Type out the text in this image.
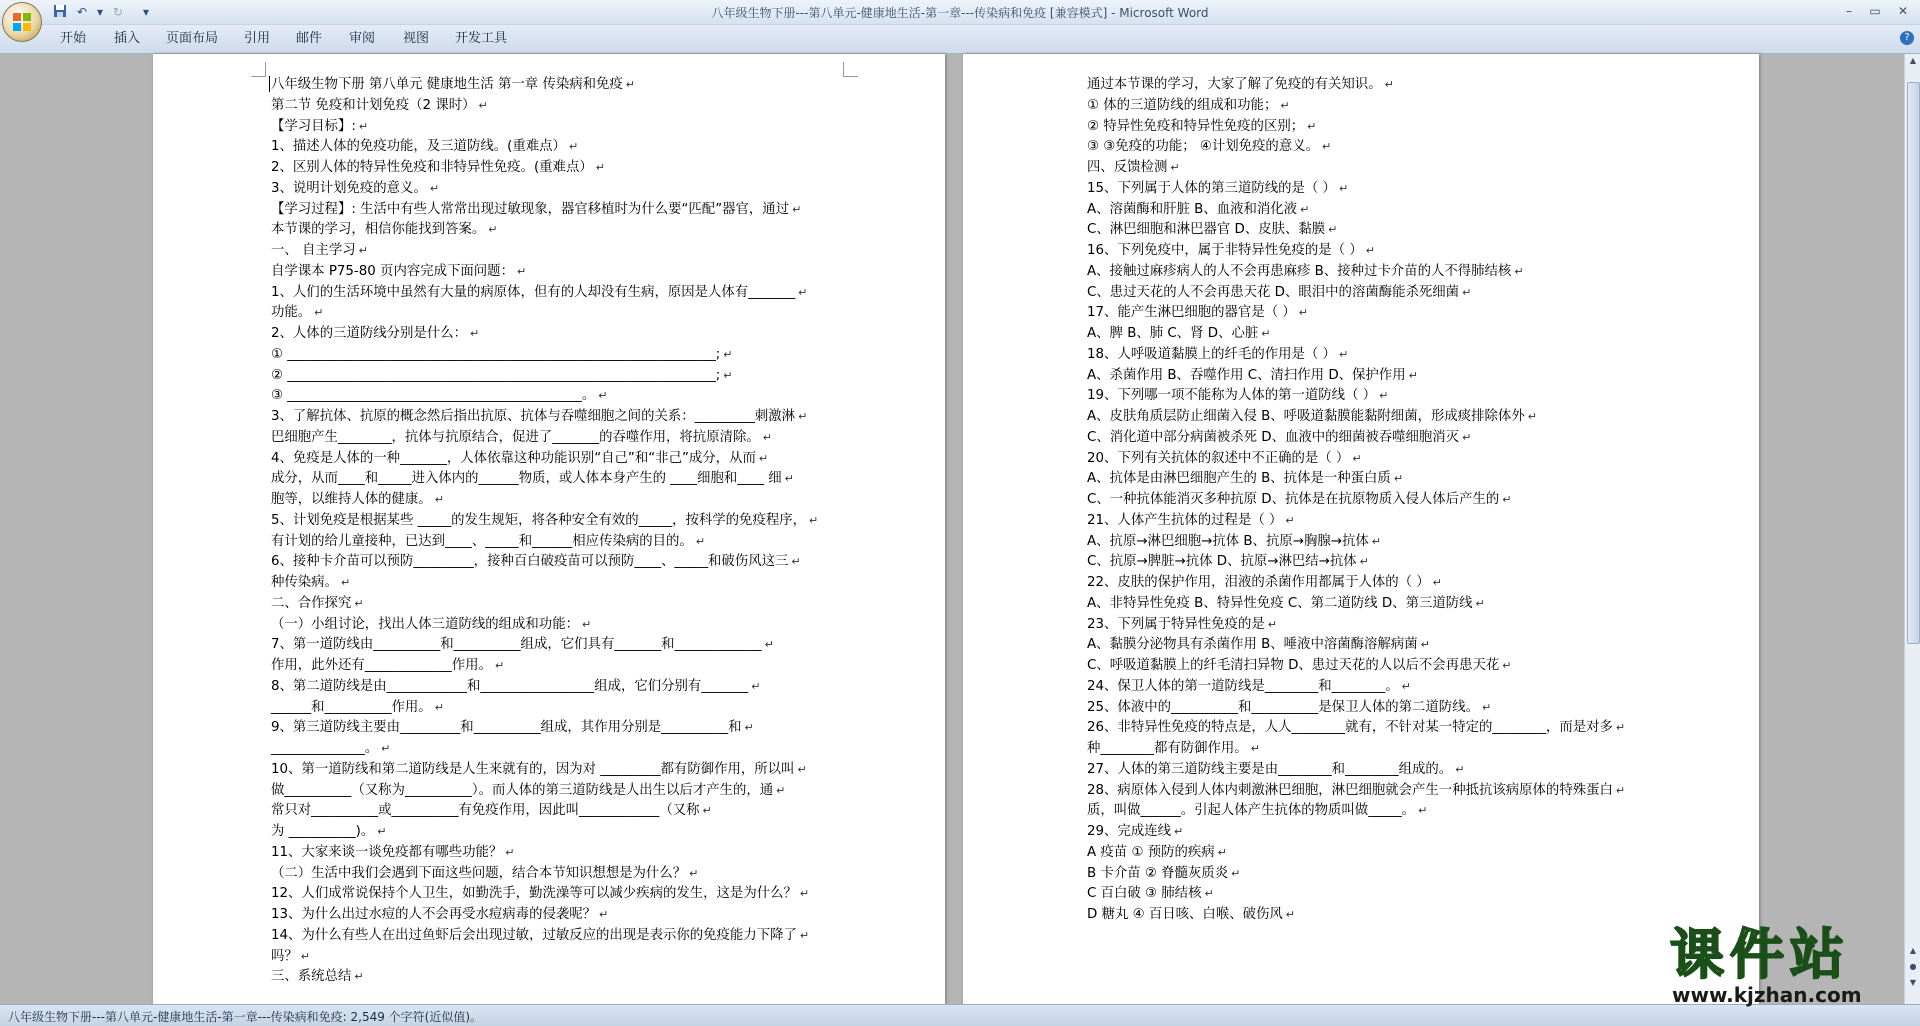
八年级生物下册---第八单元-健康地生活-第一章---传染病和免疫 [兼容模式] - Microsoft Word
↶ ▾ ↻	▾	–	▭	✕
开始 插入 页面布局 引用 邮件 审阅 视图 开发工具	?
八年级生物下册 第八单元 健康地生活 第一章 传染病和免疫 ↵
第二节 免疫和计划免疫（2 课时） ↵
【学习目标】: ↵
1、描述人体的免疫功能，及三道防线。(重难点） ↵
2、区别人体的特异性免疫和非特异性免疫。(重难点） ↵
3、说明计划免疫的意义。 ↵
【学习过程】: 生活中有些人常常出现过敏现象，器官移植时为什么要“匹配”器官，通过 ↵
本节课的学习，相信你能找到答案。 ↵
一、 自主学习 ↵
自学课本 P75-80 页内容完成下面问题： ↵
1、人们的生活环境中虽然有大量的病原体，但有的人却没有生病，原因是人体有_______ ↵
功能。 ↵
2、人体的三道防线分别是什么： ↵
① ________________________________________________________________; ↵
② ________________________________________________________________; ↵
③ ____________________________________________。 ↵
3、了解抗体、抗原的概念然后指出抗原、抗体与吞噬细胞之间的关系：_________刺激淋 ↵
巴细胞产生________，抗体与抗原结合，促进了_______的吞噬作用，将抗原清除。 ↵
4、免疫是人体的一种_______，人体依靠这种功能识别“自己”和“非己”成分，从而 ↵
成分，从而____和_____进入体内的______物质，或人体本身产生的 ____细胞和____ 细 ↵
胞等，以维持人体的健康。 ↵
5、计划免疫是根据某些 _____的发生规矩，将各种安全有效的_____，按科学的免疫程序， ↵
有计划的给儿童接种，已达到____、_____和______相应传染病的目的。 ↵
6、接种卡介苗可以预防_________，接种百白破疫苗可以预防____、_____和破伤风这三 ↵
种传染病。 ↵
二、合作探究 ↵
（一）小组讨论，找出人体三道防线的组成和功能： ↵
7、第一道防线由__________和__________组成，它们具有_______和_____________ ↵
作用，此外还有_____________作用。 ↵
8、第二道防线是由____________和_________________组成，它们分别有_______ ↵
______和__________作用。 ↵
9、第三道防线主要由_________和__________组成，其作用分别是__________和 ↵
______________。 ↵
10、第一道防线和第二道防线是人生来就有的，因为对 _________都有防御作用，所以叫 ↵
做__________（又称为__________）。而人体的第三道防线是人出生以后才产生的，通 ↵
常只对__________或__________有免疫作用，因此叫____________（又称 ↵
为 __________)。 ↵
11、大家来谈一谈免疫都有哪些功能？ ↵
（二）生活中我们会遇到下面这些问题，结合本节知识想想是为什么？ ↵
12、人们成常说保持个人卫生，如勤洗手，勤洗澡等可以减少疾病的发生，这是为什么？ ↵
13、为什么出过水痘的人不会再受水痘病毒的侵袭呢？ ↵
14、为什么有些人在出过鱼虾后会出现过敏，过敏反应的出现是表示你的免疫能力下降了 ↵
吗？ ↵
三、系统总结 ↵
通过本节课的学习，大家了解了免疫的有关知识。 ↵
① 体的三道防线的组成和功能； ↵
② 特异性免疫和特异性免疫的区别； ↵
③ ③免疫的功能； ④计划免疫的意义。 ↵
四、反馈检测 ↵
15、下列属于人体的第三道防线的是（ ） ↵
A、溶菌酶和肝脏 B、血液和消化液 ↵
C、淋巴细胞和淋巴器官 D、皮肤、黏膜 ↵
16、下列免疫中，属于非特异性免疫的是（ ） ↵
A、接触过麻疹病人的人不会再患麻疹 B、接种过卡介苗的人不得肺结核 ↵
C、患过天花的人不会再患天花 D、眼泪中的溶菌酶能杀死细菌 ↵
17、能产生淋巴细胞的器官是（ ） ↵
A、脾 B、肺 C、肾 D、心脏 ↵
18、人呼吸道黏膜上的纤毛的作用是（ ） ↵
A、杀菌作用 B、吞噬作用 C、清扫作用 D、保护作用 ↵
19、下列哪一项不能称为人体的第一道防线（ ） ↵
A、皮肤角质层防止细菌入侵 B、呼吸道黏膜能黏附细菌，形成痰排除体外 ↵
C、消化道中部分病菌被杀死 D、血液中的细菌被吞噬细胞消灭 ↵
20、下列有关抗体的叙述中不正确的是（ ） ↵
A、抗体是由淋巴细胞产生的 B、抗体是一种蛋白质 ↵
C、一种抗体能消灭多种抗原 D、抗体是在抗原物质入侵人体后产生的 ↵
21、人体产生抗体的过程是（ ） ↵
A、抗原→淋巴细胞→抗体 B、抗原→胸腺→抗体 ↵
C、抗原→脾脏→抗体 D、抗原→淋巴结→抗体 ↵
22、皮肤的保护作用，泪液的杀菌作用都属于人体的（ ） ↵
A、非特异性免疫 B、特异性免疫 C、第二道防线 D、第三道防线 ↵
23、下列属于特异性免疫的是 ↵
A、黏膜分泌物具有杀菌作用 B、唾液中溶菌酶溶解病菌 ↵
C、呼吸道黏膜上的纤毛清扫异物 D、患过天花的人以后不会再患天花 ↵
24、保卫人体的第一道防线是________和________。 ↵
25、体液中的__________和__________是保卫人体的第二道防线。 ↵
26、非特异性免疫的特点是，人人________就有，不针对某一特定的________，而是对多 ↵
种________都有防御作用。 ↵
27、人体的第三道防线主要是由________和________组成的。 ↵
28、病原体入侵到人体内刺激淋巴细胞，淋巴细胞就会产生一种抵抗该病原体的特殊蛋白 ↵
质，叫做______。引起人体产生抗体的物质叫做_____。 ↵
29、完成连线 ↵
A 疫苗 ① 预防的疾病 ↵
B 卡介苗 ② 脊髓灰质炎 ↵
C 百白破 ③ 肺结核 ↵
D 糖丸 ④ 百日咳、白喉、破伤风 ↵
▲
▲
●
▼
八年级生物下册---第八单元-健康地生活-第一章---传染病和免疫: 2,549 个字符(近似值)。
课件站
www.kjzhan.com
